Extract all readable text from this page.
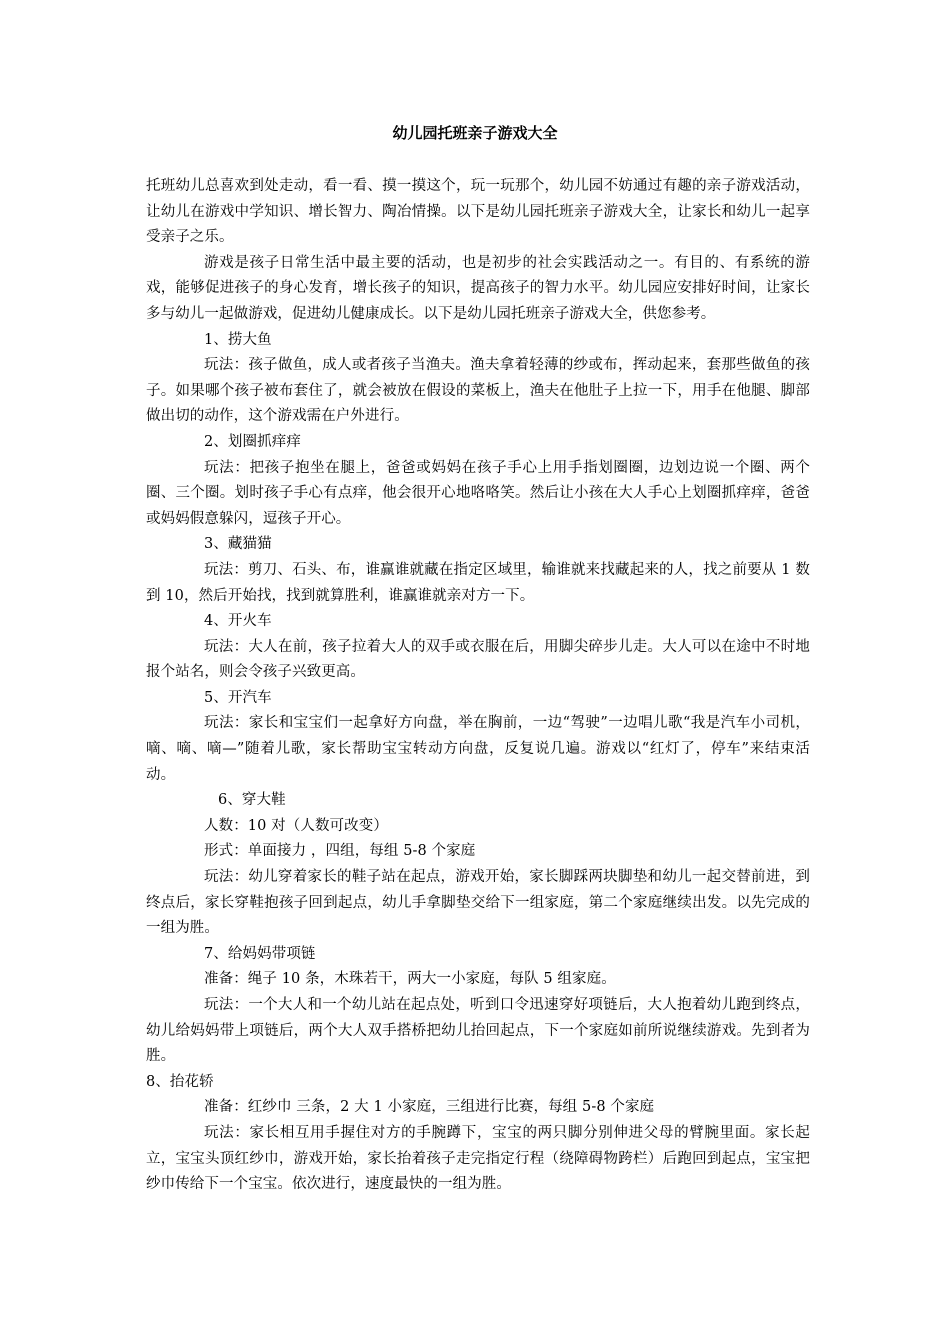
幼儿园托班亲子游戏大全

托班幼儿总喜欢到处走动，看一看、摸一摸这个，玩一玩那个，幼儿园不妨通过有趣的亲子游戏活动，让幼儿在游戏中学知识、增长智力、陶冶情操。以下是幼儿园托班亲子游戏大全，让家长和幼儿一起享受亲子之乐。

游戏是孩子日常生活中最主要的活动，也是初步的社会实践活动之一。有目的、有系统的游戏，能够促进孩子的身心发育，增长孩子的知识，提高孩子的智力水平。幼儿园应安排好时间，让家长多与幼儿一起做游戏，促进幼儿健康成长。以下是幼儿园托班亲子游戏大全，供您参考。

1、捞大鱼

玩法：孩子做鱼，成人或者孩子当渔夫。渔夫拿着轻薄的纱或布，挥动起来，套那些做鱼的孩子。如果哪个孩子被布套住了，就会被放在假设的菜板上，渔夫在他肚子上拉一下，用手在他腿、脚部做出切的动作，这个游戏需在户外进行。

2、划圈抓痒痒

玩法：把孩子抱坐在腿上，爸爸或妈妈在孩子手心上用手指划圈圈，边划边说一个圈、两个圈、三个圈。划时孩子手心有点痒，他会很开心地咯咯笑。然后让小孩在大人手心上划圈抓痒痒，爸爸或妈妈假意躲闪，逗孩子开心。

3、藏猫猫

玩法：剪刀、石头、布，谁赢谁就藏在指定区域里，输谁就来找藏起来的人，找之前要从 1 数到 10，然后开始找，找到就算胜利，谁赢谁就亲对方一下。

4、开火车

玩法：大人在前，孩子拉着大人的双手或衣服在后，用脚尖碎步儿走。大人可以在途中不时地报个站名，则会令孩子兴致更高。

5、开汽车

玩法：家长和宝宝们一起拿好方向盘，举在胸前，一边“驾驶”一边唱儿歌“我是汽车小司机，嘀、嘀、嘀—”随着儿歌，家长帮助宝宝转动方向盘，反复说几遍。游戏以“红灯了，停车”来结束活动。

6、穿大鞋

人数：10 对（人数可改变）

形式：单面接力 ，四组，每组 5-8 个家庭

玩法：幼儿穿着家长的鞋子站在起点，游戏开始，家长脚踩两块脚垫和幼儿一起交替前进，到终点后，家长穿鞋抱孩子回到起点，幼儿手拿脚垫交给下一组家庭，第二个家庭继续出发。以先完成的一组为胜。

7、给妈妈带项链

准备：绳子 10 条，木珠若干，两大一小家庭，每队 5 组家庭。

玩法：一个大人和一个幼儿站在起点处，听到口令迅速穿好项链后，大人抱着幼儿跑到终点，幼儿给妈妈带上项链后，两个大人双手搭桥把幼儿抬回起点，下一个家庭如前所说继续游戏。先到者为胜。

8、抬花轿

准备：红纱巾 三条，2 大 1 小家庭，三组进行比赛，每组 5-8 个家庭

玩法：家长相互用手握住对方的手腕蹲下，宝宝的两只脚分别伸进父母的臂腕里面。家长起立，宝宝头顶红纱巾，游戏开始，家长抬着孩子走完指定行程（绕障碍物跨栏）后跑回到起点，宝宝把纱巾传给下一个宝宝。依次进行，速度最快的一组为胜。
